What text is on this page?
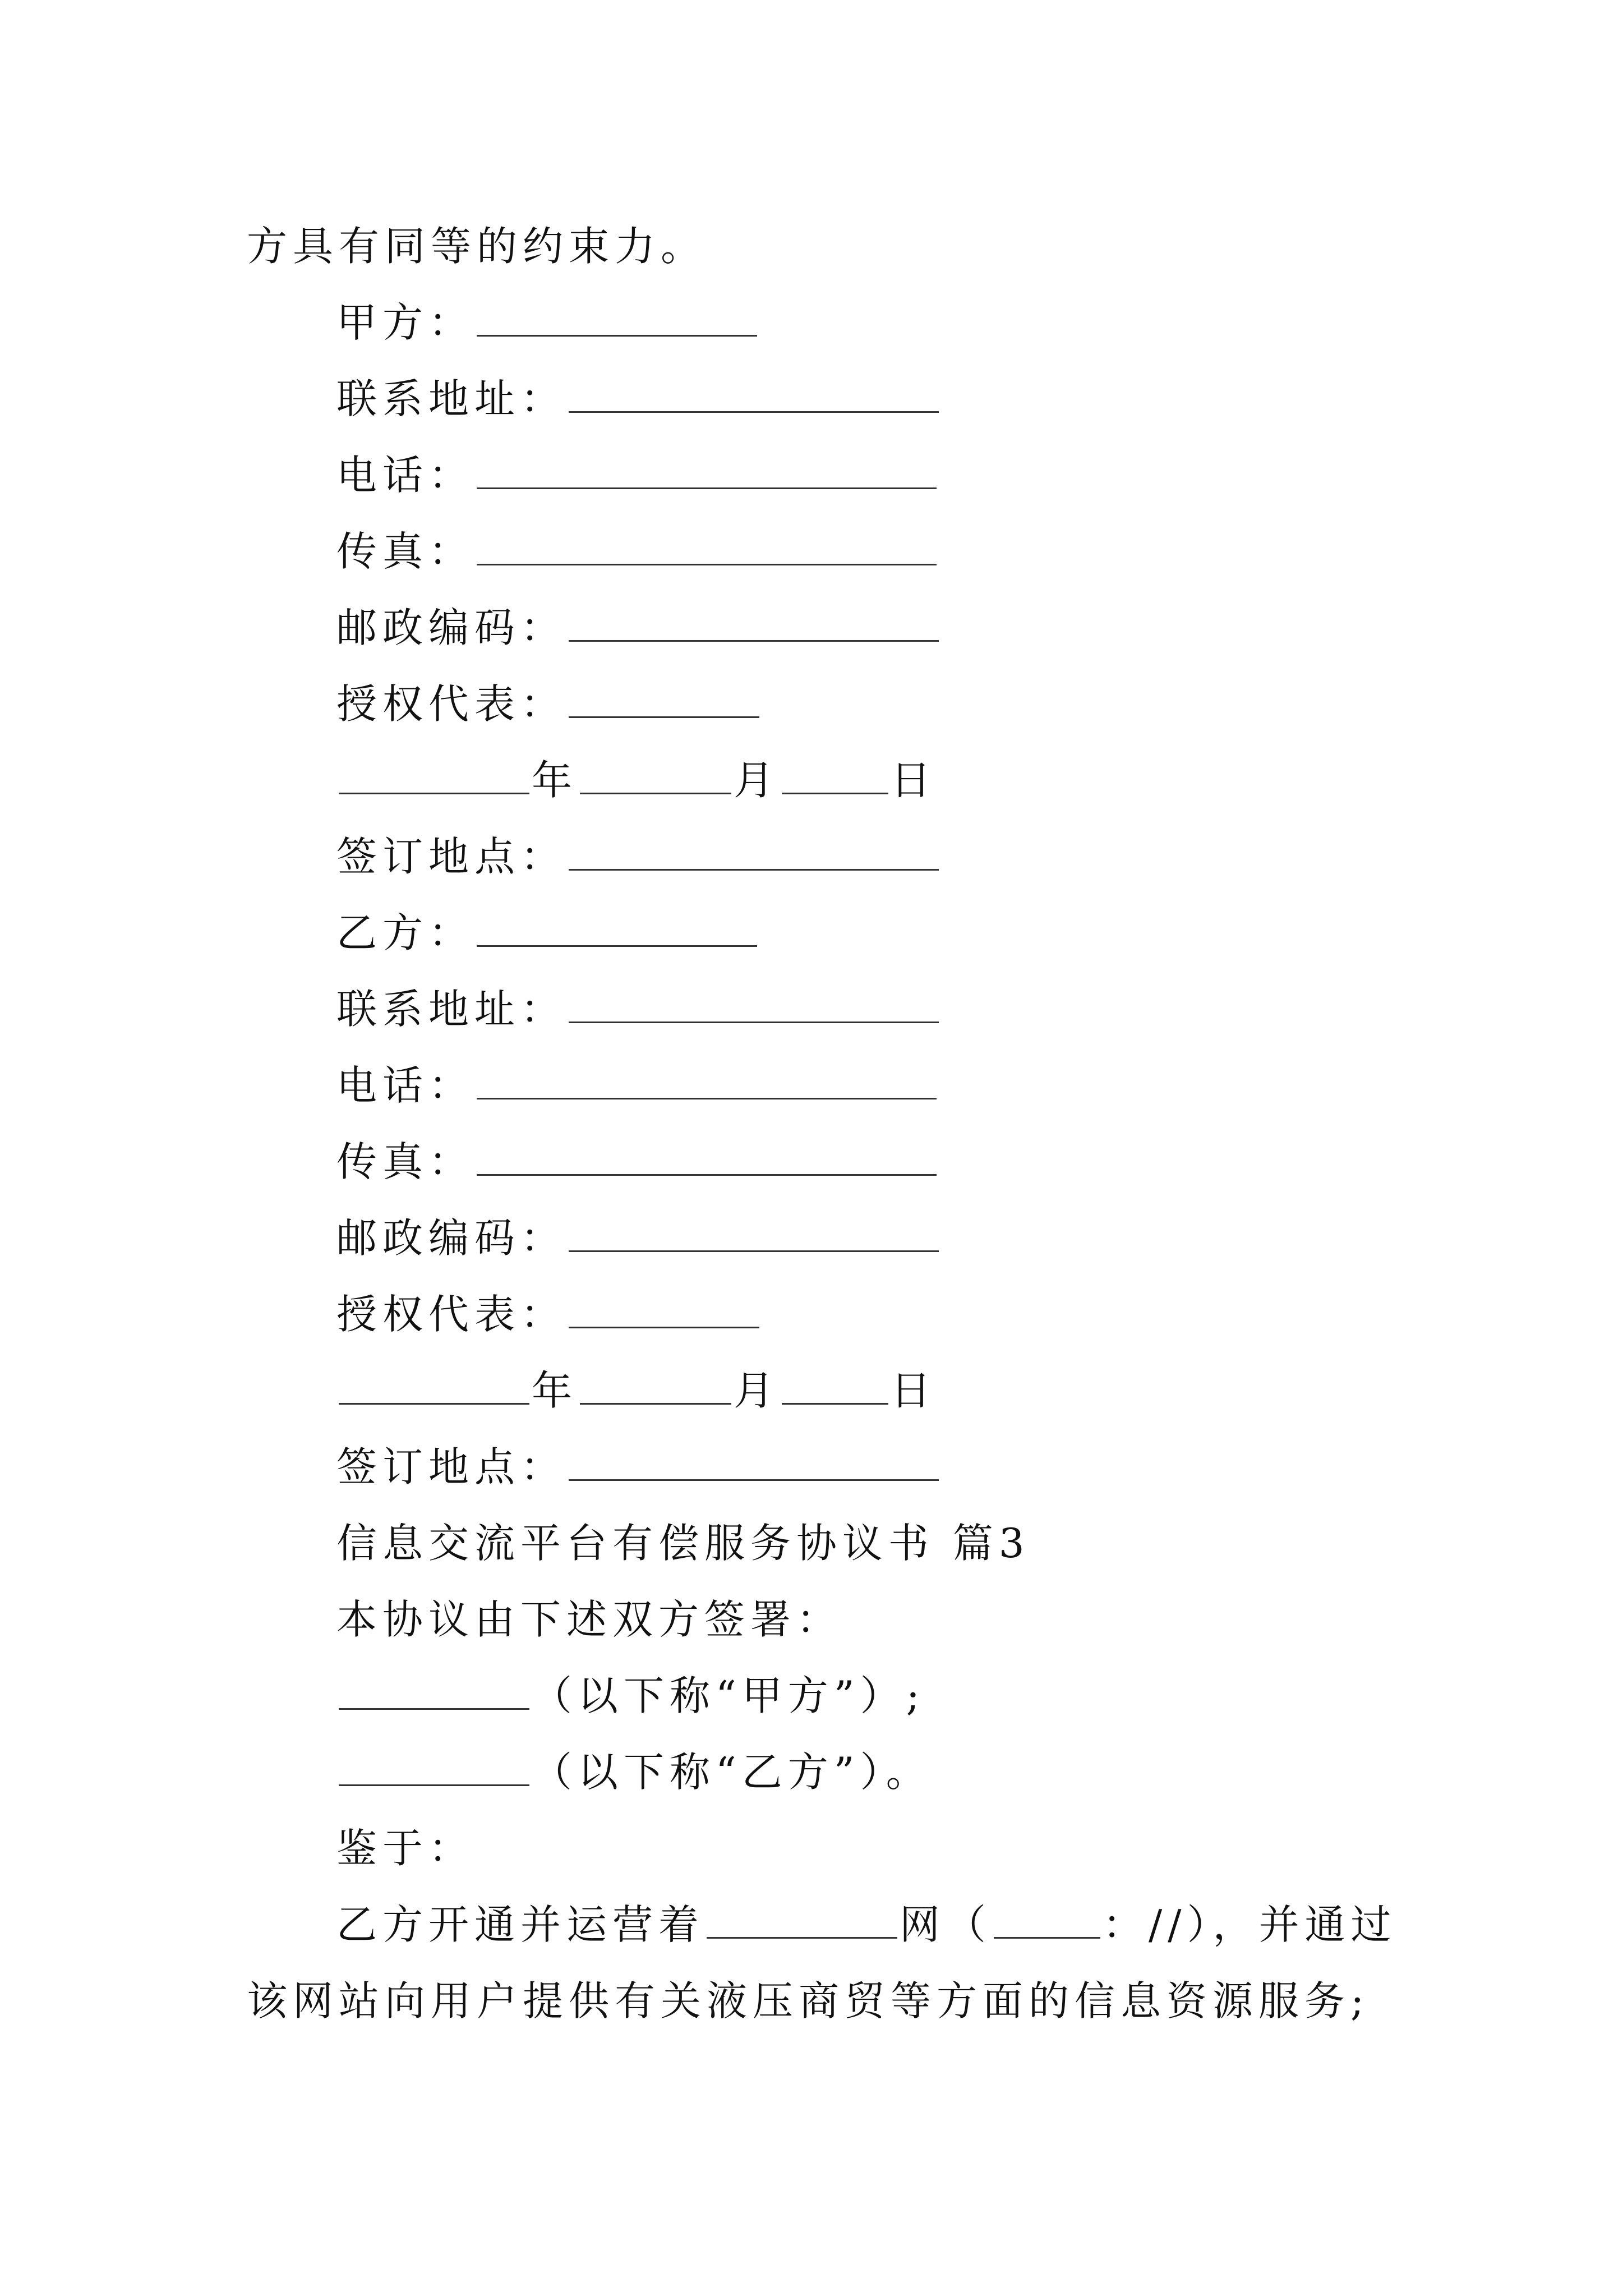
方具有同等的约束力。
甲方：
联系地址：
电话：
传真：
邮政编码：
授权代表：
年	月	日
签订地点：
乙方：
联系地址：
电话：
传真：
邮政编码：
授权代表：
年	月	日
签订地点：
信息交流平台有偿服务协议书 篇3
本协议由下述双方签署：
（以下称“甲方”）;
（以下称“乙方”）。
鉴于：
乙方开通并运营着	网（	：//），并通过
该网站向用户提供有关液压商贸等方面的信息资源服务;
